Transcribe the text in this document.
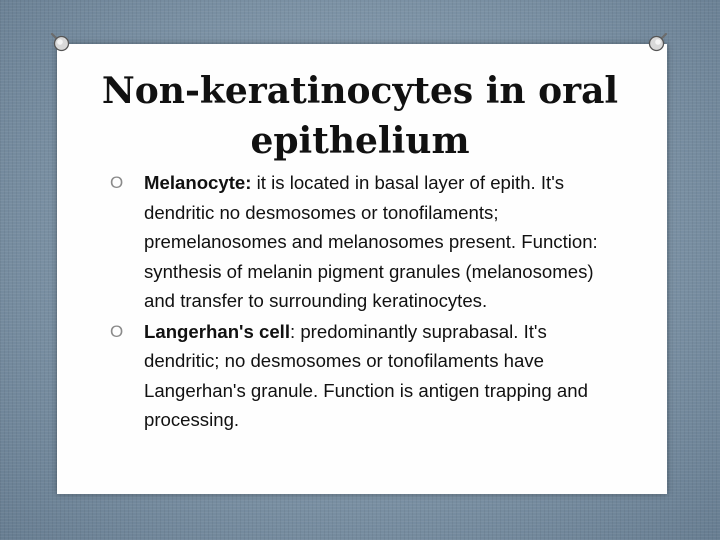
Non-keratinocytes in oral
epithelium
O Melanocyte: it is located in basal layer of epith. It's dendritic no desmosomes or tonofilaments; premelanosomes and melanosomes present. Function: synthesis of melanin pigment granules (melanosomes) and transfer to surrounding keratinocytes.
O Langerhan's cell: predominantly suprabasal. It's dendritic; no desmosomes or tonofilaments have Langerhan's granule. Function is antigen trapping and processing.
